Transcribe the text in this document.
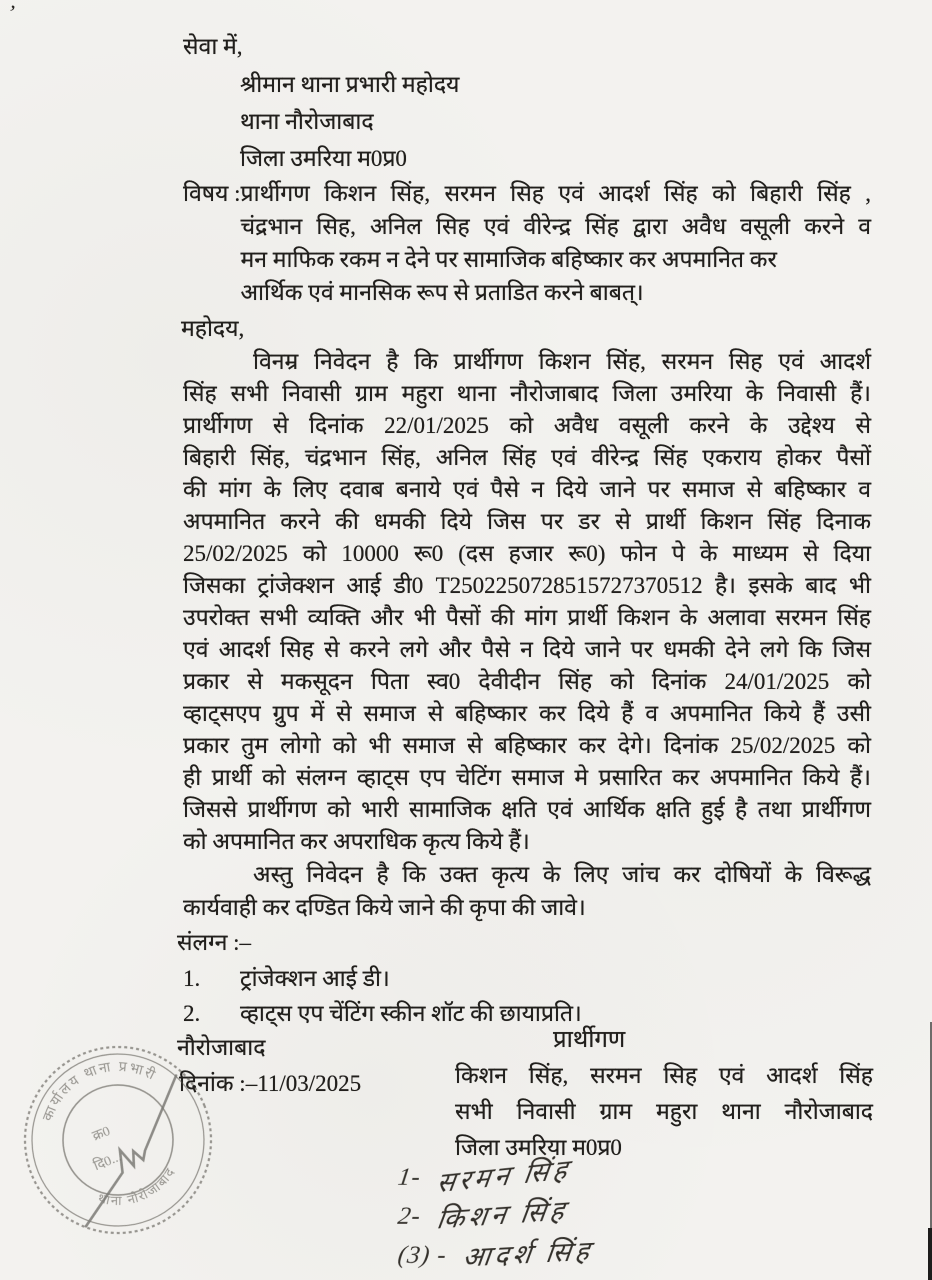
’
सेवा में,
श्रीमान थाना प्रभारी महोदय
थाना नौरोजाबाद
जिला उमरिया म0प्र0
विषय : प्रार्थीगण किशन सिंह, सरमन सिह एवं आदर्श सिंह को बिहारी सिंह ,
चंद्रभान सिह, अनिल सिह एवं वीरेन्द्र सिंह द्वारा अवैध वसूली करने व
मन माफिक रकम न देने पर सामाजिक बहिष्कार कर अपमानित कर
आर्थिक एवं मानसिक रूप से प्रताडित करने बाबत्।
महोदय,
विनम्र निवेदन है कि प्रार्थीगण किशन सिंह, सरमन सिह एवं आदर्श
सिंह सभी निवासी ग्राम महुरा थाना नौरोजाबाद जिला उमरिया के निवासी हैं।
प्रार्थीगण से दिनांक 22/01/2025 को अवैध वसूली करने के उद्देश्य से
बिहारी सिंह, चंद्रभान सिंह, अनिल सिंह एवं वीरेन्द्र सिंह एकराय होकर पैसों
की मांग के लिए दवाब बनाये एवं पैसे न दिये जाने पर समाज से बहिष्कार व
अपमानित करने की धमकी दिये जिस पर डर से प्रार्थी किशन सिंह दिनाक
25/02/2025 को 10000 रू0 (दस हजार रू0) फोन पे के माध्यम से दिया
जिसका ट्रांजेक्शन आई डी0 T2502250728515727370512 है। इसके बाद भी
उपरोक्त सभी व्यक्ति और भी पैसों की मांग प्रार्थी किशन के अलावा सरमन सिंह
एवं आदर्श सिह से करने लगे और पैसे न दिये जाने पर धमकी देने लगे कि जिस
प्रकार से मकसूदन पिता स्व0 देवीदीन सिंह को दिनांक 24/01/2025 को
व्हाट्सएप ग्रुप में से समाज से बहिष्कार कर दिये हैं व अपमानित किये हैं उसी
प्रकार तुम लोगो को भी समाज से बहिष्कार कर देगे। दिनांक 25/02/2025 को
ही प्रार्थी को संलग्न व्हाट्स एप चेटिंग समाज मे प्रसारित कर अपमानित किये हैं।
जिससे प्रार्थीगण को भारी सामाजिक क्षति एवं आर्थिक क्षति हुई है तथा प्रार्थीगण
को अपमानित कर अपराधिक कृत्य किये हैं।
अस्तु निवेदन है कि उक्त कृत्य के लिए जांच कर दोषियों के विरूद्ध
कार्यवाही कर दण्डित किये जाने की कृपा की जावे।
संलग्न :–
1.	ट्रांजेक्शन आई डी।
2.	व्हाट्स एप चेंटिंग स्कीन शॉट की छायाप्रति।
नौरोजाबाद
दिनांक :–11/03/2025
प्रार्थीगण
किशन सिंह, सरमन सिह एवं आदर्श सिंह
सभी निवासी ग्राम महुरा थाना नौरोजाबाद
जिला उमरिया म0प्र0
1- सरमन सिंह
2- किशन सिंह
(3) - आदर्श सिंह
कार्यालय थाना प्रभारी
थाना नौरोजाबाद
क्र0
दि0...
